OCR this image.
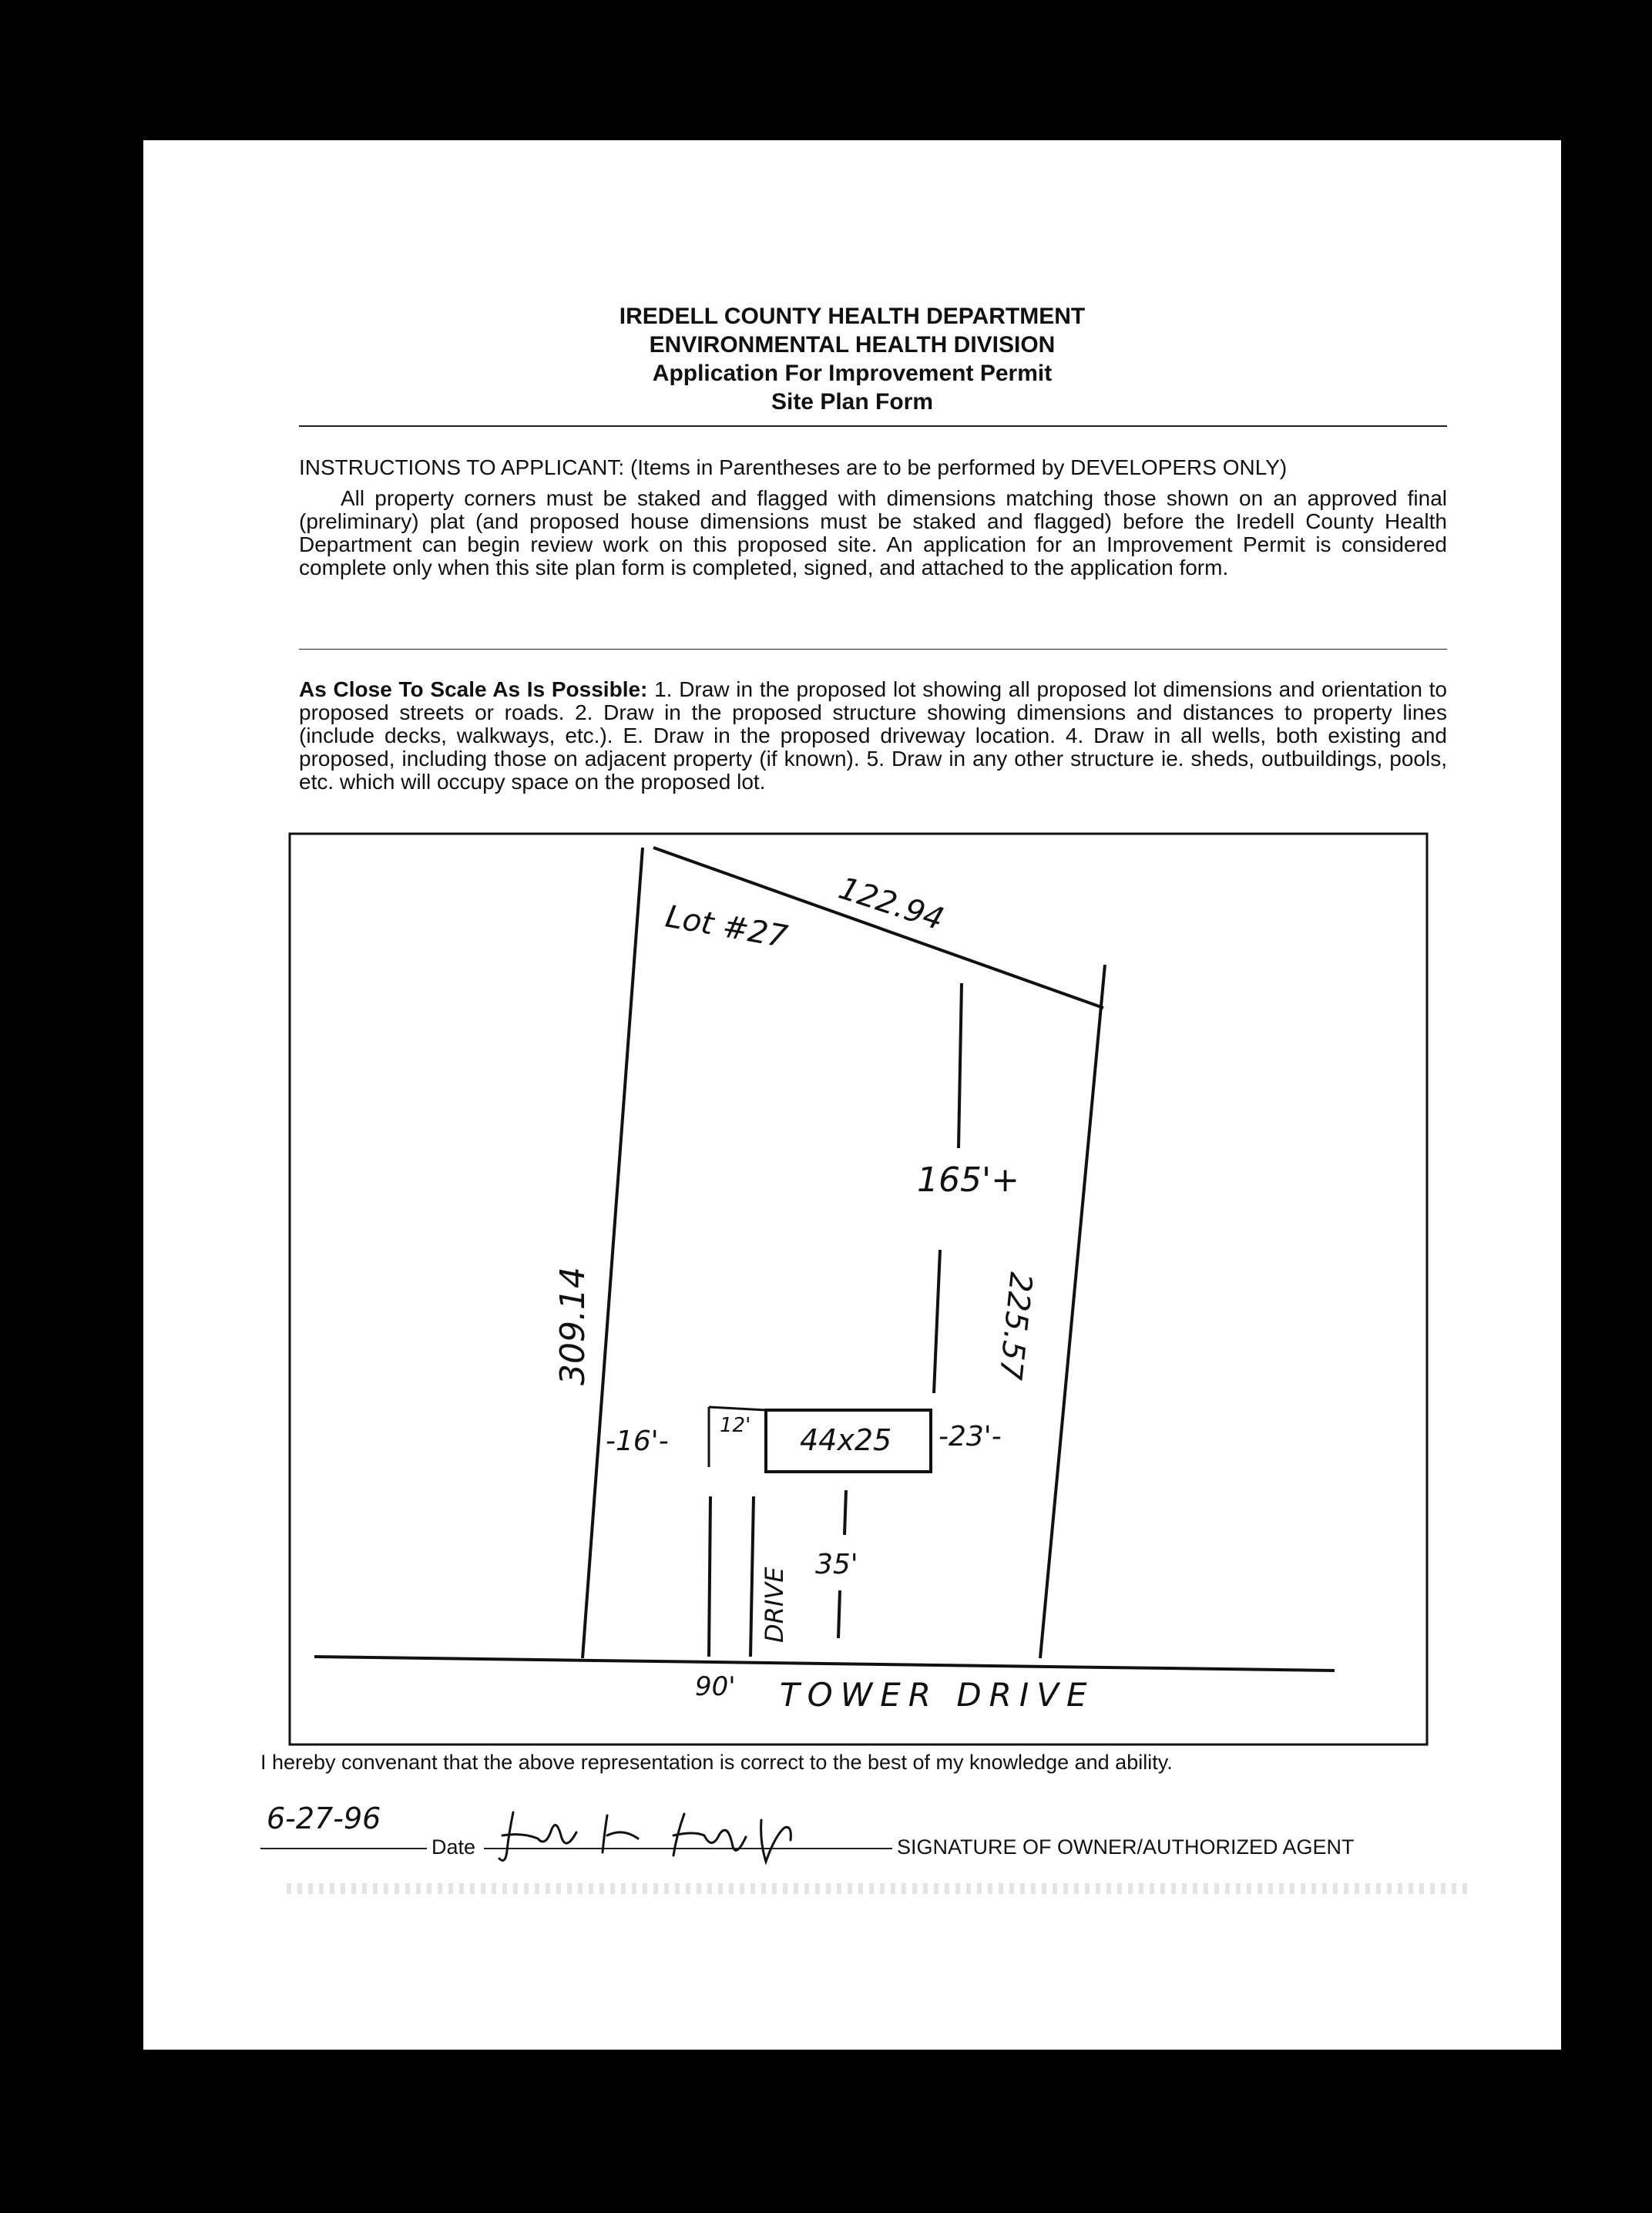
IREDELL COUNTY HEALTH DEPARTMENT
ENVIRONMENTAL HEALTH DIVISION
Application For Improvement Permit
Site Plan Form
INSTRUCTIONS TO APPLICANT: (Items in Parentheses are to be performed by DEVELOPERS ONLY)

All property corners must be staked and flagged with dimensions matching those shown on an approved final (preliminary) plat (and proposed house dimensions must be staked and flagged) before the Iredell County Health Department can begin review work on this proposed site. An application for an Improvement Permit is considered complete only when this site plan form is completed, signed, and attached to the application form.

As Close To Scale As Is Possible: 1. Draw in the proposed lot showing all proposed lot dimensions and orientation to proposed streets or roads. 2. Draw in the proposed structure showing dimensions and distances to property lines (include decks, walkways, etc.). E. Draw in the proposed driveway location. 4. Draw in all wells, both existing and proposed, including those on adjacent property (if known). 5. Draw in any other structure ie. sheds, outbuildings, pools, etc. which will occupy space on the proposed lot.
Lot #27 122.94
309.14	225.57
165'+
44x25
-16'-	-23'-
12'
35'
DRIVE
90' TOWER DRIVE
I hereby convenant that the above representation is correct to the best of my knowledge and ability.
6-27-96
Date	SIGNATURE OF OWNER/AUTHORIZED AGENT
